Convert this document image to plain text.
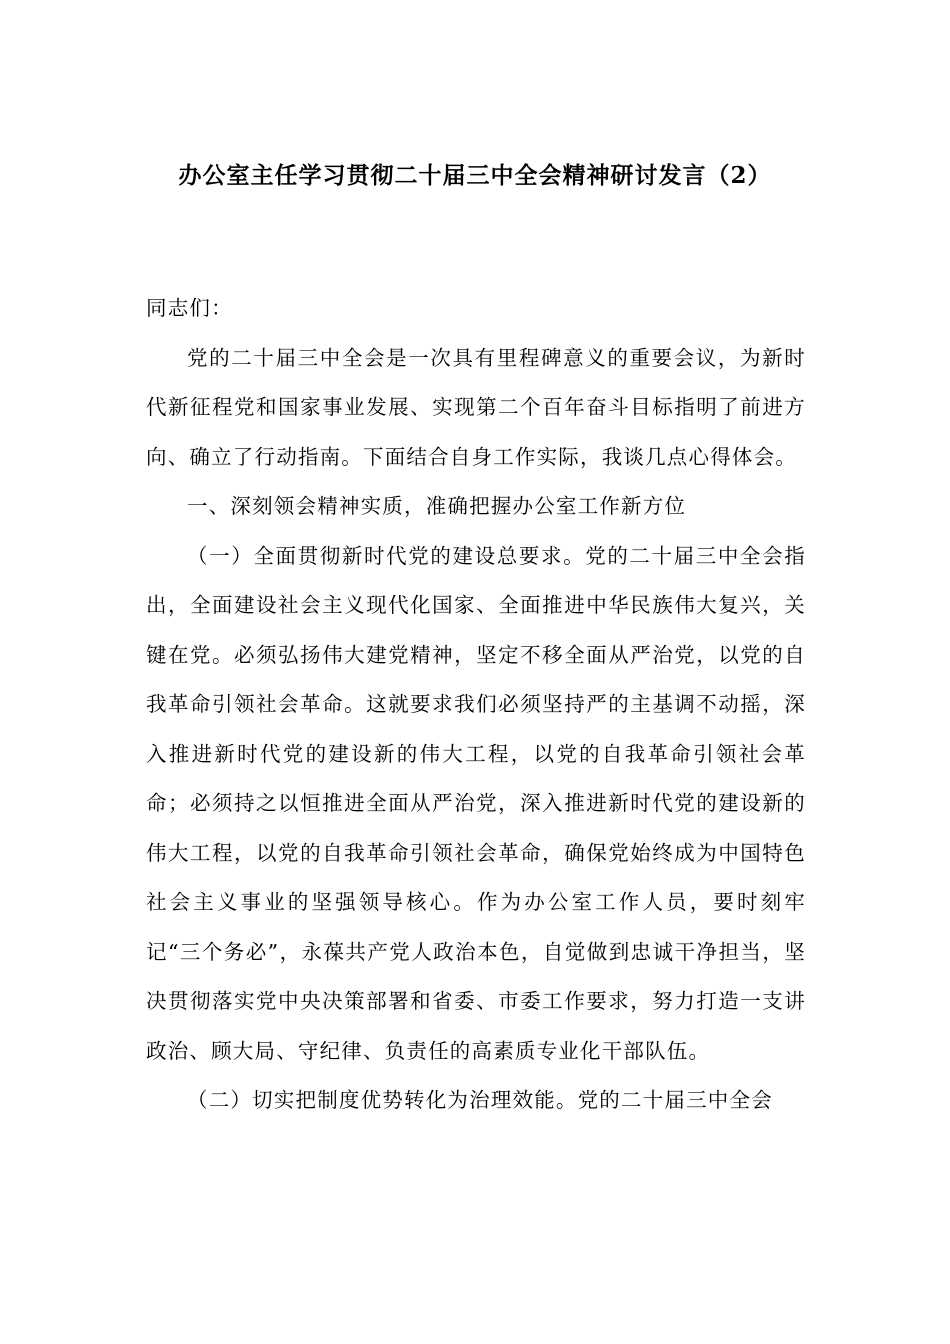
办公室主任学习贯彻二十届三中全会精神研讨发言（2）

同志们：

党的二十届三中全会是一次具有里程碑意义的重要会议，为新时代新征程党和国家事业发展、实现第二个百年奋斗目标指明了前进方向、确立了行动指南。下面结合自身工作实际，我谈几点心得体会。

一、深刻领会精神实质，准确把握办公室工作新方位

（一）全面贯彻新时代党的建设总要求。党的二十届三中全会指出，全面建设社会主义现代化国家、全面推进中华民族伟大复兴，关键在党。必须弘扬伟大建党精神，坚定不移全面从严治党，以党的自我革命引领社会革命。这就要求我们必须坚持严的主基调不动摇，深入推进新时代党的建设新的伟大工程，以党的自我革命引领社会革命；必须持之以恒推进全面从严治党，深入推进新时代党的建设新的伟大工程，以党的自我革命引领社会革命，确保党始终成为中国特色社会主义事业的坚强领导核心。作为办公室工作人员，要时刻牢记“三个务必”，永葆共产党人政治本色，自觉做到忠诚干净担当，坚决贯彻落实党中央决策部署和省委、市委工作要求，努力打造一支讲政治、顾大局、守纪律、负责任的高素质专业化干部队伍。

（二）切实把制度优势转化为治理效能。党的二十届三中全会
